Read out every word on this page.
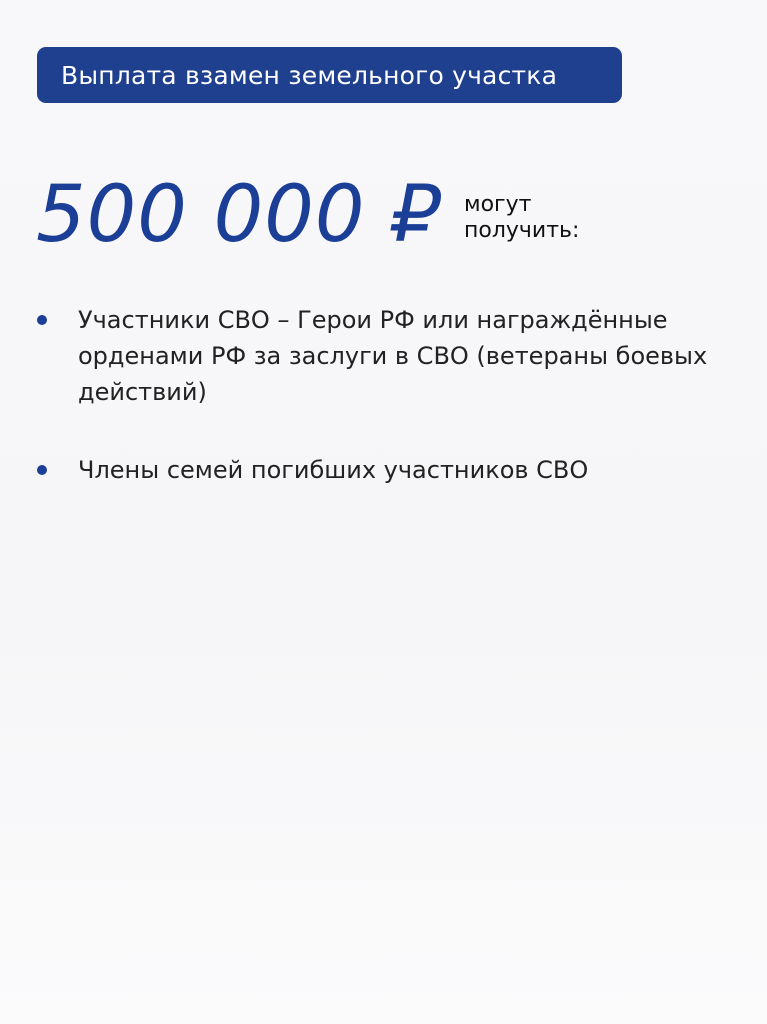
Выплата взамен земельного участка
500 000 ₽ могут
получить:
Участники СВО – Герои РФ или награждённые орденами РФ за заслуги в СВО (ветераны боевых действий)
Члены семей погибших участников СВО
